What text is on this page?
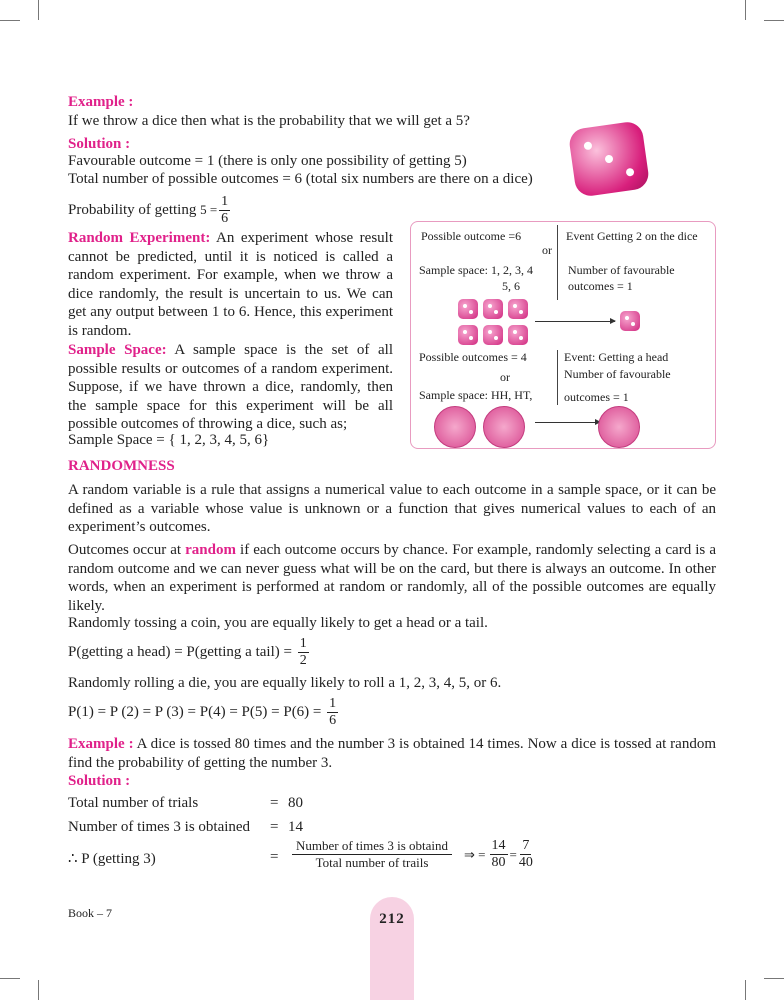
Example :
If we throw a dice then what is the probability that we will get a 5?
Solution :
Favourable outcome = 1 (there is only one possibility of getting 5)
Total number of possible outcomes = 6 (total six numbers are there on a dice)
Probability of getting $5 = \frac{1}{6}$
Random Experiment: An experiment whose result cannot be predicted, until it is noticed is called a random experiment. For example, when we throw a dice randomly, the result is uncertain to us. We can get any output between 1 to 6. Hence, this experiment is random.
Sample Space: A sample space is the set of all possible results or outcomes of a random experiment. Suppose, if we have thrown a dice, randomly, then the sample space for this experiment will be all possible outcomes of throwing a dice, such as;
Sample Space = { 1, 2, 3, 4, 5, 6}
Possible outcome =6
or
Sample space: 1, 2, 3, 4
5, 6
Event Getting 2 on the dice
Number of favourable
outcomes = 1
Possible outcomes = 4
or
Sample space: HH, HT,
Event: Getting a head
Number of favourable
outcomes = 1
RANDOMNESS
A random variable is a rule that assigns a numerical value to each outcome in a sample space, or it can be defined as a variable whose value is unknown or a function that gives numerical values to each of an experiment’s outcomes.
Outcomes occur at random if each outcome occurs by chance. For example, randomly selecting a card is a random outcome and we can never guess what will be on the card, but there is always an outcome. In other words, when an experiment is performed at random or randomly, all of the possible outcomes are equally likely.
Randomly tossing a coin, you are equally likely to get a head or a tail.
P(getting a head) = P(getting a tail) = $\frac{1}{2}$
Randomly rolling a die, you are equally likely to roll a 1, 2, 3, 4, 5, or 6.
P(1) = P (2) = P $(3) = P(4) = P(5) = P(6) = \frac{1}{6}$
Example : A dice is tossed 80 times and the number 3 is obtained 14 times. Now a dice is tossed at random find the probability of getting the number 3.
Solution :
Total number of trials	= 80
Number of times 3 is obtained = 14
∴ P (getting 3)	= $\frac{\text{Number of times 3 is obtaind}}{\text{Total number of trails}}$ ⇒ = $\frac{14}{80} = \frac{7}{40}$
Book – 7	212
